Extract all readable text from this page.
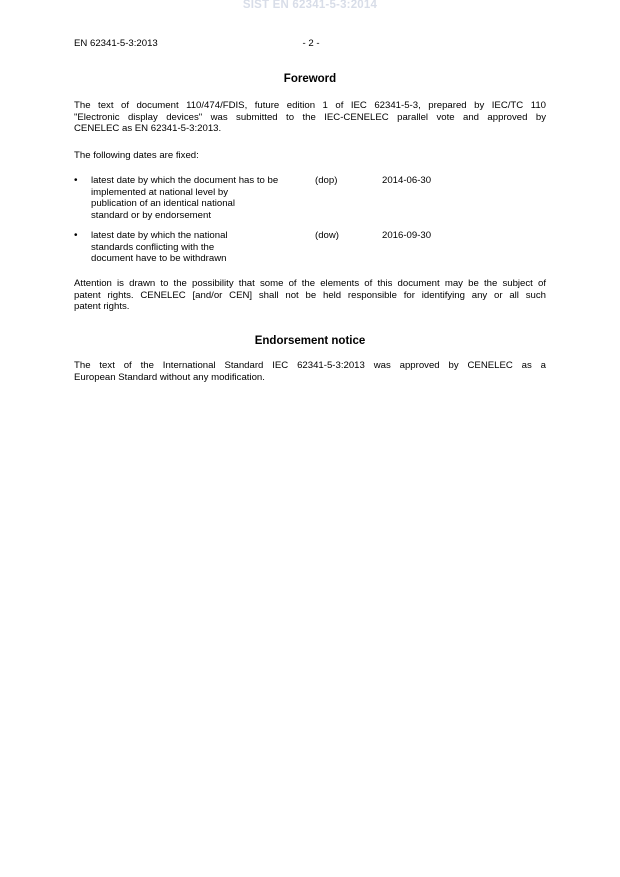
SIST EN 62341-5-3:2014
EN 62341-5-3:2013	- 2 -
Foreword
The text of document 110/474/FDIS, future edition 1 of IEC 62341-5-3, prepared by IEC/TC 110
"Electronic display devices" was submitted to the IEC-CENELEC parallel vote and approved by
CENELEC as EN 62341-5-3:2013.
The following dates are fixed:
• latest date by which the document has to be
implemented at national level by
publication of an identical national
standard or by endorsement
(dop)	2014-06-30
• latest date by which the national
standards conflicting with the
document have to be withdrawn
(dow)	2016-09-30
Attention is drawn to the possibility that some of the elements of this document may be the subject of
patent rights. CENELEC [and/or CEN] shall not be held responsible for identifying any or all such
patent rights.
Endorsement notice
The text of the International Standard IEC 62341-5-3:2013 was approved by CENELEC as a
European Standard without any modification.
